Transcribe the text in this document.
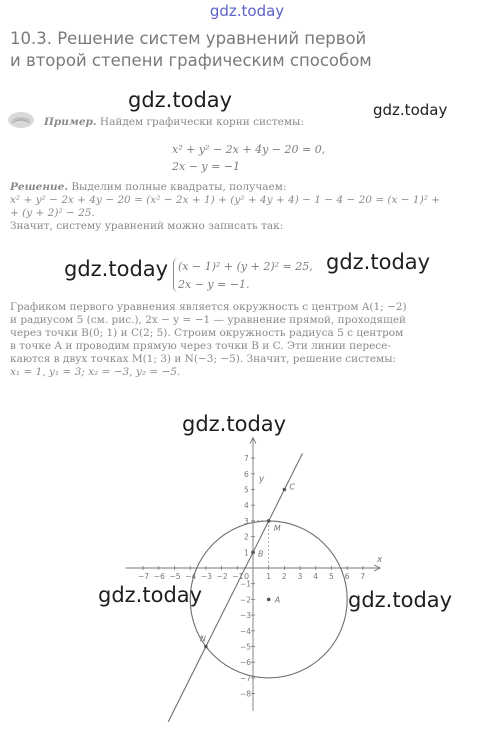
gdz.today
10.3. Решение систем уравнений первой
и второй степени графическим способом
gdz.today	gdz.today
Пример. Найдем графически корни системы:
x² + y² − 2x + 4y − 20 = 0,
2x − y = −1
Решение. Выделим полные квадраты, получаем:
x² + y² − 2x + 4y − 20 = (x² − 2x + 1) + (y² + 4y + 4) − 1 − 4 − 20 = (x − 1)² +
+ (y + 2)² − 25.
Значит, систему уравнений можно записать так:
(x − 1)² + (y + 2)² = 25,
2x − y = −1.
gdz.today	gdz.today
Графиком первого уравнения является окружность с центром A(1; −2)
и радиусом 5 (см. рис.), 2x − y = −1 — уравнение прямой, проходящей
через точки B(0; 1) и C(2; 5). Строим окружность радиуса 5 с центром
в точке A и проводим прямую через точки B и C. Эти линии пересе-
каются в двух точках M(1; 3) и N(−3; −5). Значит, решение системы:
x₁ = 1, y₁ = 3; x₂ = −3, y₂ = −5.
−7 −6 −5 −4 −3 −2 −1	1 2 3 4 5 6 7
7
6
5
4
3
2
1
−1
−2
−3
−4
−5
−6
−7
−8
x
y
0
A
B
C
M
N
gdz.today
gdz.today	gdz.today
